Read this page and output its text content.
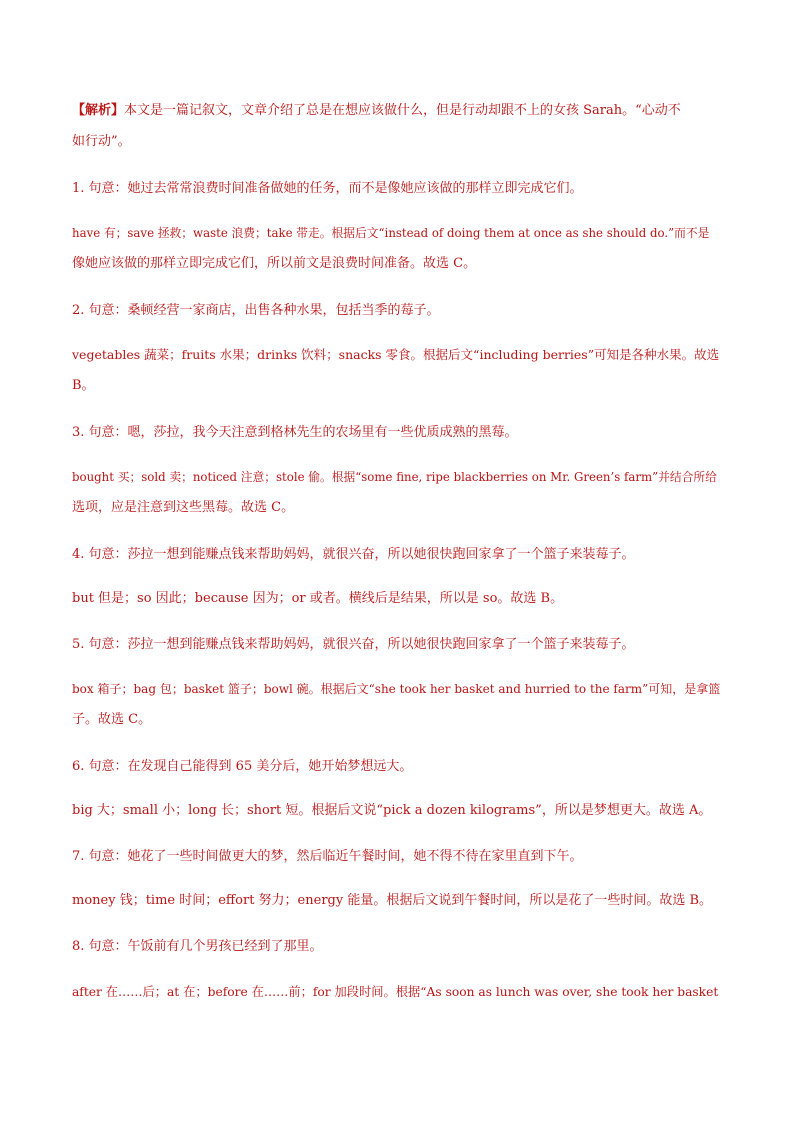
【解析】本文是一篇记叙文，文章介绍了总是在想应该做什么，但是行动却跟不上的女孩 Sarah。“心动不
如行动”。
1. 句意：她过去常常浪费时间准备做她的任务，而不是像她应该做的那样立即完成它们。
have 有；save 拯救；waste 浪费；take 带走。根据后文“instead of doing them at once as she should do.”而不是
像她应该做的那样立即完成它们，所以前文是浪费时间准备。故选 C。
2. 句意：桑顿经营一家商店，出售各种水果，包括当季的莓子。
vegetables 蔬菜；fruits 水果；drinks 饮料；snacks 零食。根据后文“including berries”可知是各种水果。故选
B。
3. 句意：嗯，莎拉，我今天注意到格林先生的农场里有一些优质成熟的黑莓。
bought 买；sold 卖；noticed 注意；stole 偷。根据“some fine, ripe blackberries on Mr. Green’s farm”并结合所给
选项，应是注意到这些黑莓。故选 C。
4. 句意：莎拉一想到能赚点钱来帮助妈妈，就很兴奋，所以她很快跑回家拿了一个篮子来装莓子。
but 但是；so 因此；because 因为；or 或者。横线后是结果，所以是 so。故选 B。
5. 句意：莎拉一想到能赚点钱来帮助妈妈，就很兴奋，所以她很快跑回家拿了一个篮子来装莓子。
box 箱子；bag 包；basket 篮子；bowl 碗。根据后文“she took her basket and hurried to the farm”可知，是拿篮
子。故选 C。
6. 句意：在发现自己能得到 65 美分后，她开始梦想远大。
big 大；small 小；long 长；short 短。根据后文说“pick a dozen kilograms”，所以是梦想更大。故选 A。
7. 句意：她花了一些时间做更大的梦，然后临近午餐时间，她不得不待在家里直到下午。
money 钱；time 时间；effort 努力；energy 能量。根据后文说到午餐时间，所以是花了一些时间。故选 B。
8. 句意：午饭前有几个男孩已经到了那里。
after 在……后；at 在；before 在……前；for 加段时间。根据“As soon as lunch was over, she took her basket
